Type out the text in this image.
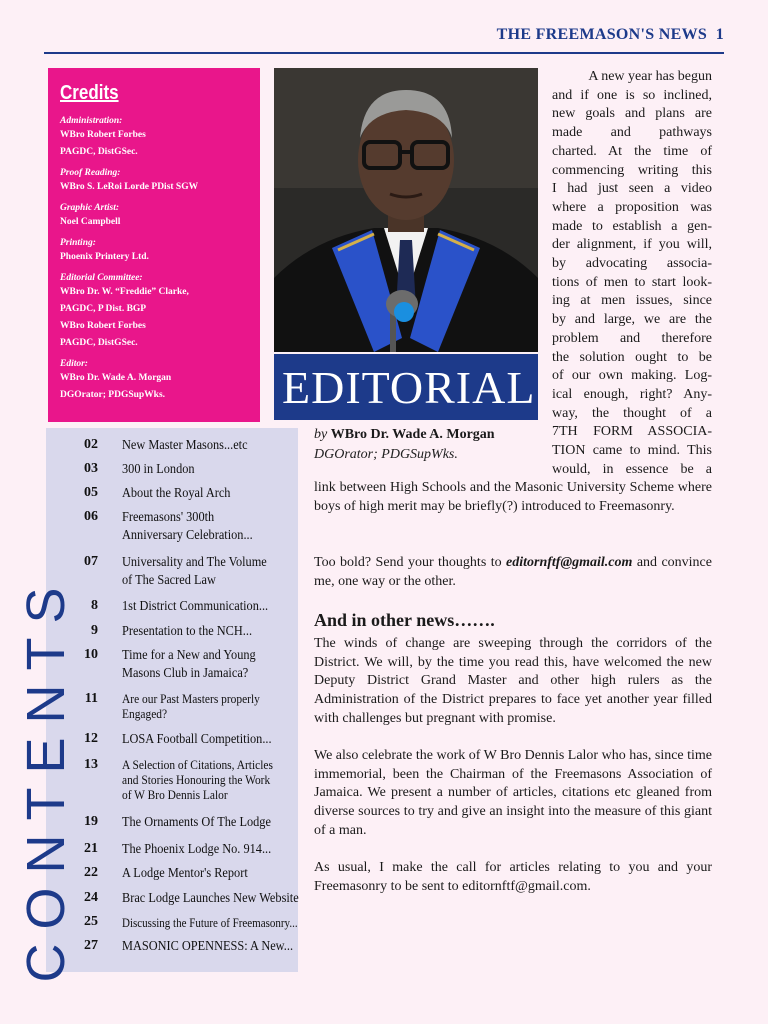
THE FREEMASON'S NEWS  1
Credits
Administration:
WBro Robert Forbes
PAGDC, DistGSec.
Proof Reading:
WBro S. LeRoi Lorde PDist SGW
Graphic Artist:
Noel Campbell
Printing:
Phoenix Printery Ltd.
Editorial Committee:
WBro Dr. W. “Freddie” Clarke,
PAGDC, P Dist. BGP
WBro Robert Forbes
PAGDC, DistGSec.
Editor:
WBro Dr. Wade A. Morgan
DGOrator; PDGSupWks.
CONTENTS
02 New Master Masons...etc
03 300 in London
05 About the Royal Arch
06 Freemasons' 300th
Anniversary Celebration...
07 Universality and The Volume
of The Sacred Law
8 1st District Communication...
9 Presentation to the NCH...
10 Time for a New and Young
Masons Club in Jamaica?
11 Are our Past Masters properly
Engaged?
12 LOSA Football Competition...
13 A Selection of Citations, Articles
and Stories Honouring the Work
of W Bro Dennis Lalor
19 The Ornaments Of The Lodge
21 The Phoenix Lodge No. 914...
22 A Lodge Mentor's Report
24 Brac Lodge Launches New Website
25 Discussing the Future of Freemasonry...
27 MASONIC OPENNESS: A New...
EDITORIAL
by WBro Dr. Wade A. Morgan
DGOrator; PDGSupWks.
A new year has begun
and if one is so inclined,
new goals and plans are
made and pathways
charted. At the time of
commencing writing this
I had just seen a video
where a proposition was
made to establish a gen-
der alignment, if you will,
by advocating associa-
tions of men to start look-
ing at men issues, since
by and large, we are the
problem and therefore
the solution ought to be
of our own making. Log-
ical enough, right? Any-
way, the thought of a
7TH FORM ASSOCIA-
TION came to mind. This
would, in essence be a

link between High Schools and the Masonic University Scheme where boys of high merit may be briefly(?) introduced to Freemasonry.

Too bold? Send your thoughts to editornftf@gmail.com and convince me, one way or the other.

And in other news…….

The winds of change are sweeping through the corridors of the District. We will, by the time you read this, have welcomed the new Deputy District Grand Master and other high rulers as the Administration of the District prepares to face yet another year filled with challenges but pregnant with promise.

We also celebrate the work of W Bro Dennis Lalor who has, since time immemorial, been the Chairman of the Freemasons Association of Jamaica. We present a number of articles, citations etc gleaned from diverse sources to try and give an insight into the measure of this giant of a man.

As usual, I make the call for articles relating to you and your Freemasonry to be sent to editornftf@gmail.com.
